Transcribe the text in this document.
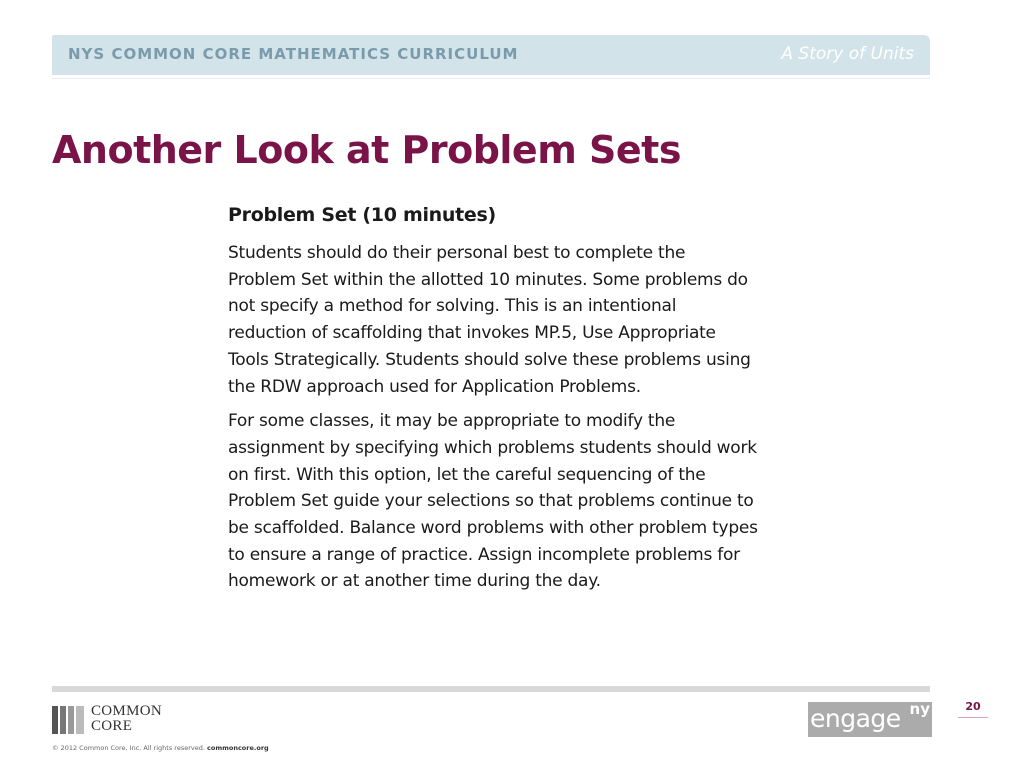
NYS COMMON CORE MATHEMATICS CURRICULUM	A Story of Units
Another Look at Problem Sets

Problem Set (10 minutes)

Students should do their personal best to complete the Problem Set within the allotted 10 minutes. Some problems do not specify a method for solving. This is an intentional reduction of scaffolding that invokes MP.5, Use Appropriate Tools Strategically. Students should solve these problems using the RDW approach used for Application Problems.

For some classes, it may be appropriate to modify the assignment by specifying which problems students should work on first. With this option, let the careful sequencing of the Problem Set guide your selections so that problems continue to be scaffolded. Balance word problems with other problem types to ensure a range of practice. Assign incomplete problems for homework or at another time during the day.

COMMON
CORE
© 2012 Common Core, Inc. All rights reserved. commoncore.org
engage ny	20
